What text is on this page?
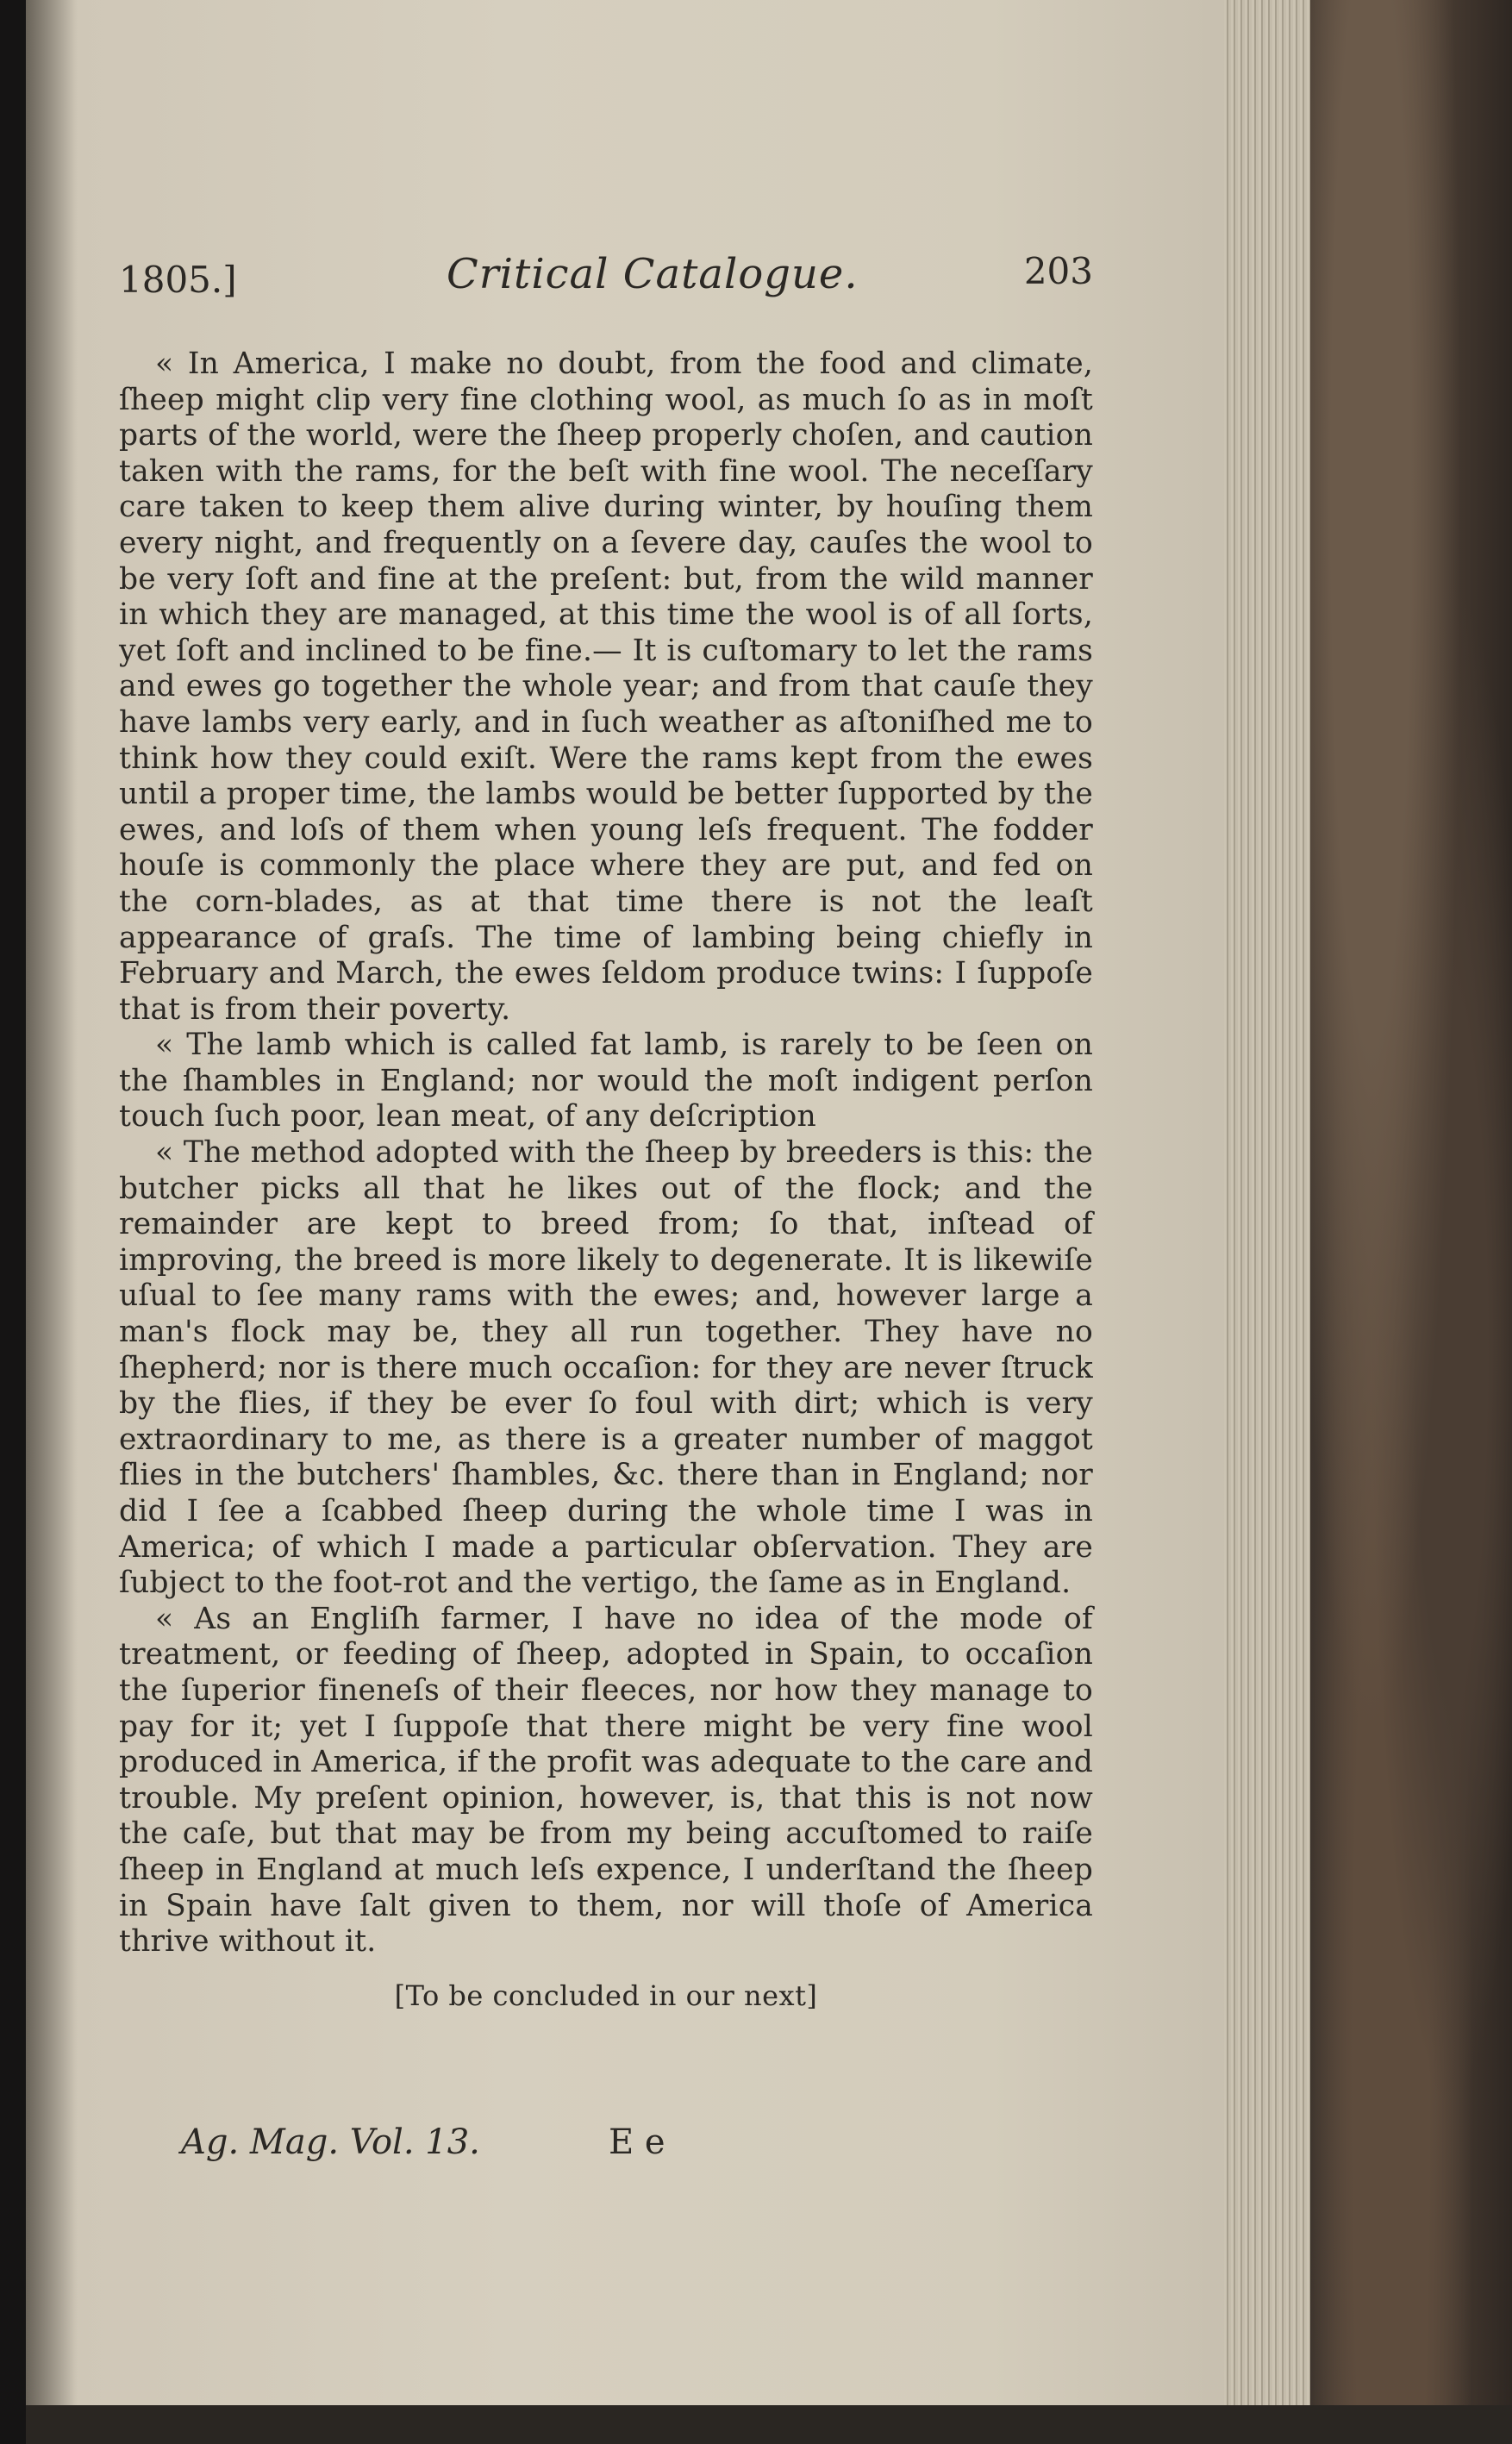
1805.]	Critical Catalogue.	203

« In America, I make no doubt, from the food and climate, ſheep might clip very fine clothing wool, as much ſo as in moſt parts of the world, were the ſheep properly choſen, and caution taken with the rams, for the beſt with fine wool. The neceſſary care taken to keep them alive during winter, by houſing them every night, and frequently on a ſevere day, cauſes the wool to be very ſoft and fine at the preſent: but, from the wild manner in which they are managed, at this time the wool is of all ſorts, yet ſoft and inclined to be fine.— It is cuſtomary to let the rams and ewes go together the whole year; and from that cauſe they have lambs very early, and in ſuch weather as aſtoniſhed me to think how they could exiſt. Were the rams kept from the ewes until a proper time, the lambs would be better ſupported by the ewes, and loſs of them when young leſs frequent. The fodder houſe is commonly the place where they are put, and fed on the corn-blades, as at that time there is not the leaſt appearance of graſs. The time of lambing being chiefly in February and March, the ewes ſeldom produce twins: I ſuppoſe that is from their poverty.

« The lamb which is called fat lamb, is rarely to be ſeen on the ſhambles in England; nor would the moſt indigent perſon touch ſuch poor, lean meat, of any deſcription

« The method adopted with the ſheep by breeders is this: the butcher picks all that he likes out of the flock; and the remainder are kept to breed from; ſo that, inſtead of improving, the breed is more likely to degenerate. It is likewiſe uſual to ſee many rams with the ewes; and, however large a man's flock may be, they all run together. They have no ſhepherd; nor is there much occaſion: for they are never ſtruck by the flies, if they be ever ſo foul with dirt; which is very extraordinary to me, as there is a greater number of maggot flies in the butchers' ſhambles, &c. there than in England; nor did I ſee a ſcabbed ſheep during the whole time I was in America; of which I made a particular obſervation. They are ſubject to the foot-rot and the vertigo, the ſame as in England.

« As an Engliſh farmer, I have no idea of the mode of treatment, or feeding of ſheep, adopted in Spain, to occaſion the ſuperior fineneſs of their fleeces, nor how they manage to pay for it; yet I ſuppoſe that there might be very fine wool produced in America, if the profit was adequate to the care and trouble. My preſent opinion, however, is, that this is not now the caſe, but that may be from my being accuſtomed to raiſe ſheep in England at much leſs expence, I underſtand the ſheep in Spain have ſalt given to them, nor will thoſe of America thrive without it.

[To be concluded in our next]
Ag. Mag. Vol. 13.	E e
